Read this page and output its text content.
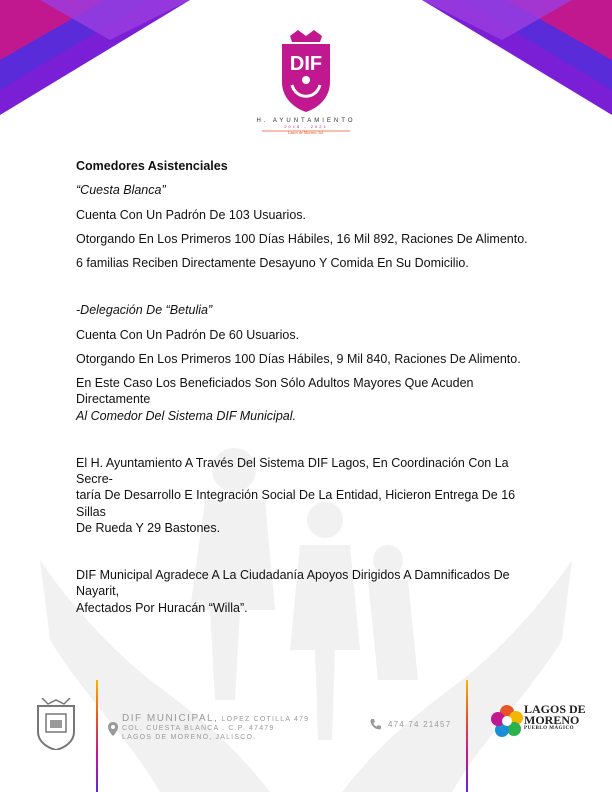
DIF
H. AYUNTAMIENTO
2018 - 2021
Lagos de Moreno, Jal.

Comedores Asistenciales

“Cuesta Blanca”

Cuenta Con Un Padrón De 103 Usuarios.

Otorgando En Los Primeros 100 Días Hábiles, 16 Mil 892, Raciones De Alimento.

6 familias Reciben Directamente Desayuno Y Comida En Su Domicilio.

-Delegación De “Betulia”

Cuenta Con Un Padrón De 60 Usuarios.

Otorgando En Los Primeros 100 Días Hábiles, 9 Mil 840, Raciones De Alimento.

En Este Caso Los Beneficiados Son Sólo Adultos Mayores Que Acuden Directamente

Al Comedor Del Sistema DIF Municipal.

El H. Ayuntamiento A Través Del Sistema DIF Lagos, En Coordinación Con La Secre-

taría De Desarrollo E Integración Social De La Entidad, Hicieron Entrega De 16 Sillas

De Rueda Y 29 Bastones.

DIF Municipal Agradece A La Ciudadanía Apoyos Dirigidos A Damnificados De Nayarit,

Afectados Por Huracán “Willa”.

DIF MUNICIPAL, LOPEZ COTILLA 479
COL. CUESTA BLANCA . C.P. 47479
LAGOS DE MORENO, JALISCO.
474 74 21457
LAGOS DE
MORENO
PUEBLO MÁGICO
